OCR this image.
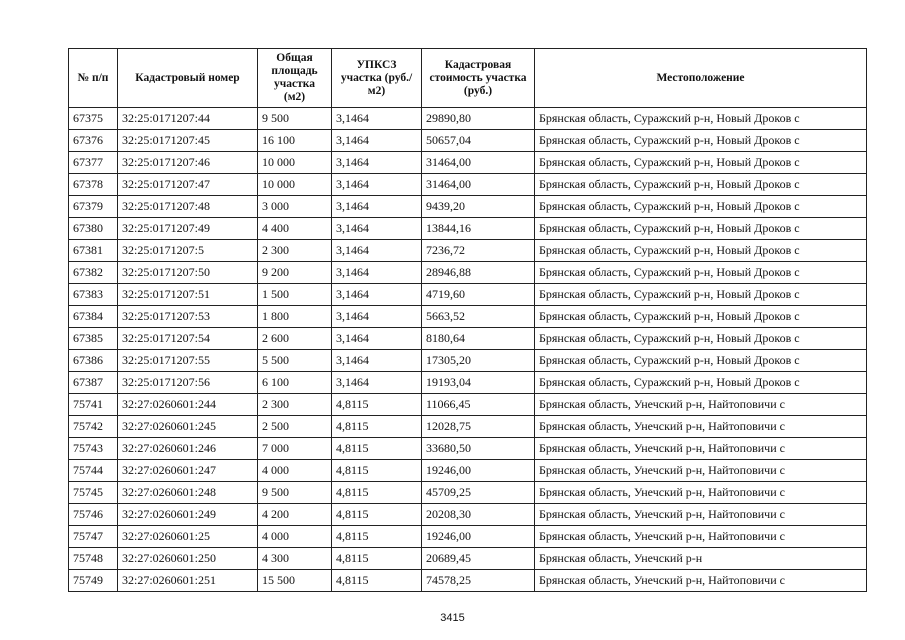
№ п/п	Кадастровый номер	Общая площадь участка (м2)	УПКСЗ участка (руб./м2)	Кадастровая стоимость участка (руб.)	Местоположение
67375	32:25:0171207:44	9 500	3,1464	29890,80	Брянская область, Суражский р-н, Новый Дроков с
67376	32:25:0171207:45	16 100	3,1464	50657,04	Брянская область, Суражский р-н, Новый Дроков с
67377	32:25:0171207:46	10 000	3,1464	31464,00	Брянская область, Суражский р-н, Новый Дроков с
67378	32:25:0171207:47	10 000	3,1464	31464,00	Брянская область, Суражский р-н, Новый Дроков с
67379	32:25:0171207:48	3 000	3,1464	9439,20	Брянская область, Суражский р-н, Новый Дроков с
67380	32:25:0171207:49	4 400	3,1464	13844,16	Брянская область, Суражский р-н, Новый Дроков с
67381	32:25:0171207:5	2 300	3,1464	7236,72	Брянская область, Суражский р-н, Новый Дроков с
67382	32:25:0171207:50	9 200	3,1464	28946,88	Брянская область, Суражский р-н, Новый Дроков с
67383	32:25:0171207:51	1 500	3,1464	4719,60	Брянская область, Суражский р-н, Новый Дроков с
67384	32:25:0171207:53	1 800	3,1464	5663,52	Брянская область, Суражский р-н, Новый Дроков с
67385	32:25:0171207:54	2 600	3,1464	8180,64	Брянская область, Суражский р-н, Новый Дроков с
67386	32:25:0171207:55	5 500	3,1464	17305,20	Брянская область, Суражский р-н, Новый Дроков с
67387	32:25:0171207:56	6 100	3,1464	19193,04	Брянская область, Суражский р-н, Новый Дроков с
75741	32:27:0260601:244	2 300	4,8115	11066,45	Брянская область, Унечский р-н, Найтоповичи с
75742	32:27:0260601:245	2 500	4,8115	12028,75	Брянская область, Унечский р-н, Найтоповичи с
75743	32:27:0260601:246	7 000	4,8115	33680,50	Брянская область, Унечский р-н, Найтоповичи с
75744	32:27:0260601:247	4 000	4,8115	19246,00	Брянская область, Унечский р-н, Найтоповичи с
75745	32:27:0260601:248	9 500	4,8115	45709,25	Брянская область, Унечский р-н, Найтоповичи с
75746	32:27:0260601:249	4 200	4,8115	20208,30	Брянская область, Унечский р-н, Найтоповичи с
75747	32:27:0260601:25	4 000	4,8115	19246,00	Брянская область, Унечский р-н, Найтоповичи с
75748	32:27:0260601:250	4 300	4,8115	20689,45	Брянская область, Унечский р-н
75749	32:27:0260601:251	15 500	4,8115	74578,25	Брянская область, Унечский р-н, Найтоповичи с
3415
